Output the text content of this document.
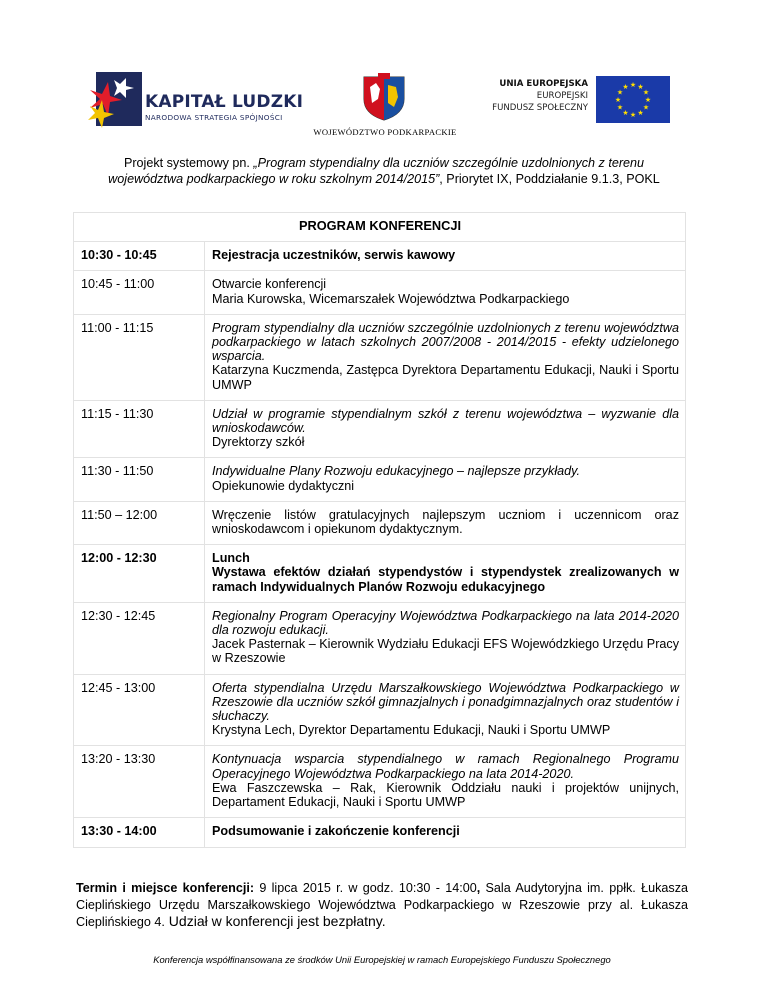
KAPITAŁ LUDZKI
NARODOWA STRATEGIA SPÓJNOŚCI
WOJEWÓDZTWO PODKARPACKIE
UNIA EUROPEJSKA
EUROPEJSKI
FUNDUSZ SPOŁECZNY
★
★
★
★
★
★
★
★
★ ★ ★
★
Projekt systemowy pn. „Program stypendialny dla uczniów szczególnie uzdolnionych z terenu województwa podkarpackiego w roku szkolnym 2014/2015”, Priorytet IX, Poddziałanie 9.1.3, POKL
PROGRAM KONFERENCJI	
10:30 - 10:45	Rejestracja uczestników, serwis kawowy

10:45 - 11:00	Otwarcie konferencji
Maria Kurowska, Wicemarszałek Województwa Podkarpackiego

11:00 - 11:15	Program stypendialny dla uczniów szczególnie uzdolnionych z terenu województwa podkarpackiego w latach szkolnych 2007/2008 - 2014/2015 - efekty udzielonego wsparcia.
Katarzyna Kuczmenda, Zastępca Dyrektora Departamentu Edukacji, Nauki i Sportu UMWP

11:15 - 11:30	Udział w programie stypendialnym szkół z terenu województwa – wyzwanie dla wnioskodawców.
Dyrektorzy szkół

11:30 - 11:50	Indywidualne Plany Rozwoju edukacyjnego – najlepsze przykłady.
Opiekunowie dydaktyczni

11:50 – 12:00	Wręczenie listów gratulacyjnych najlepszym uczniom i uczennicom oraz wnioskodawcom i opiekunom dydaktycznym.

12:00 - 12:30	Lunch
Wystawa efektów działań stypendystów i stypendystek zrealizowanych w ramach Indywidualnych Planów Rozwoju edukacyjnego

12:30 - 12:45	Regionalny Program Operacyjny Województwa Podkarpackiego na lata 2014-2020 dla rozwoju edukacji.
Jacek Pasternak – Kierownik Wydziału Edukacji EFS Wojewódzkiego Urzędu Pracy w Rzeszowie

12:45 - 13:00	Oferta stypendialna Urzędu Marszałkowskiego Województwa Podkarpackiego w Rzeszowie dla uczniów szkół gimnazjalnych i ponadgimnazjalnych oraz studentów i słuchaczy.
Krystyna Lech, Dyrektor Departamentu Edukacji, Nauki i Sportu UMWP

13:20 - 13:30	Kontynuacja wsparcia stypendialnego w ramach Regionalnego Programu Operacyjnego Województwa Podkarpackiego na lata 2014-2020.
Ewa Faszczewska – Rak, Kierownik Oddziału nauki i projektów unijnych, Departament Edukacji, Nauki i Sportu UMWP

13:30 - 14:00	Podsumowanie i zakończenie konferencji
Termin i miejsce konferencji: 9 lipca 2015 r. w godz. 10:30 - 14:00, Sala Audytoryjna im. ppłk. Łukasza Cieplińskiego Urzędu Marszałkowskiego Województwa Podkarpackiego w Rzeszowie przy al. Łukasza Cieplińskiego 4. Udział w konferencji jest bezpłatny.
Konferencja współfinansowana ze środków Unii Europejskiej w ramach Europejskiego Funduszu Społecznego
